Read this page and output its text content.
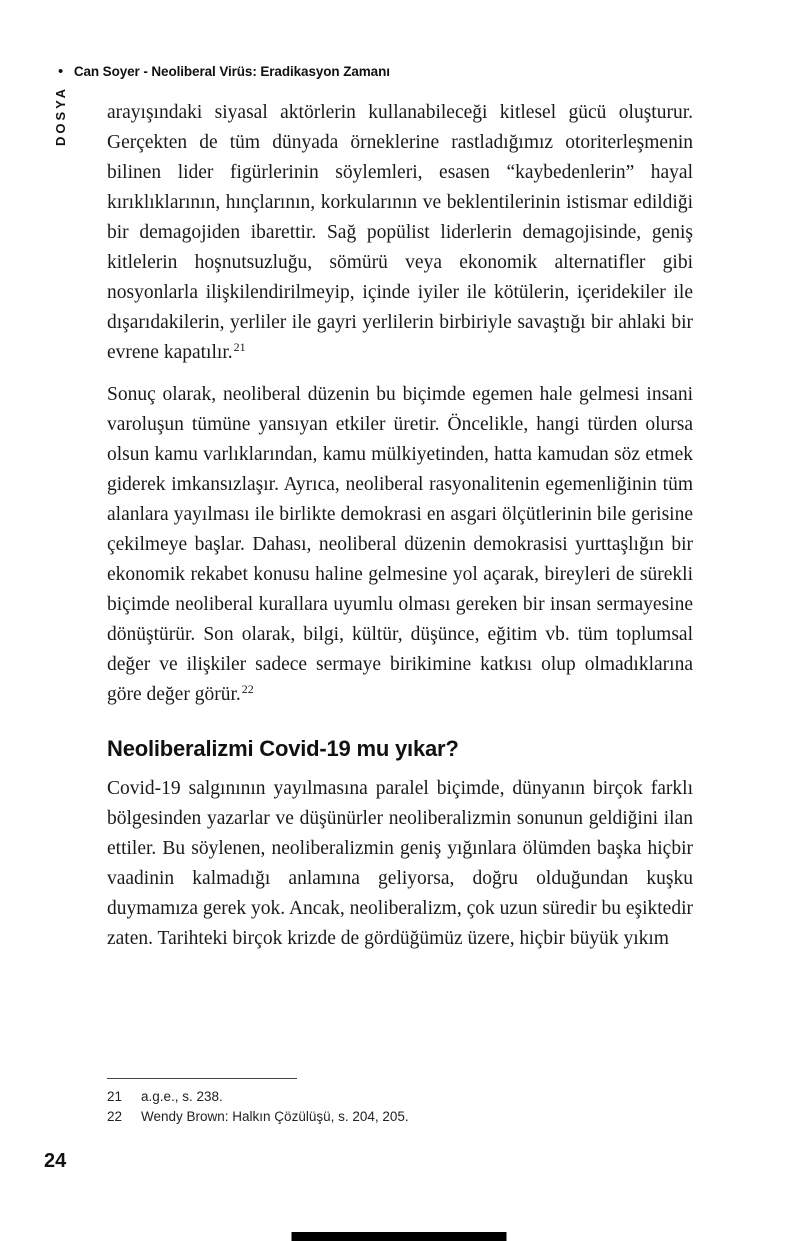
• Can Soyer - Neoliberal Virüs: Eradikasyon Zamanı
DOSYA arayışındaki siyasal aktörlerin kullanabileceği kitlesel gücü oluşturur. Gerçekten de tüm dünyada örneklerine rastladığımız otoriterleşmenin bilinen lider figürlerinin söylemleri, esasen “kaybedenlerin” hayal kırıklıklarının, hınçlarının, korkularının ve beklentilerinin istismar edildiği bir demagojiden ibarettir. Sağ popülist liderlerin demagojisinde, geniş kitlelerin hoşnutsuzluğu, sömürü veya ekonomik alternatifler gibi nosyonlarla ilişkilendirilmeyip, içinde iyiler ile kötülerin, içeridekiler ile dışarıdakilerin, yerliler ile gayri yerlilerin birbiriyle savaştığı bir ahlaki bir evrene kapatılır.$^{21}$

Sonuç olarak, neoliberal düzenin bu biçimde egemen hale gelmesi insani varoluşun tümüne yansıyan etkiler üretir. Öncelikle, hangi türden olursa olsun kamu varlıklarından, kamu mülkiyetinden, hatta kamudan söz etmek giderek imkansızlaşır. Ayrıca, neoliberal rasyonalitenin egemenliğinin tüm alanlara yayılması ile birlikte demokrasi en asgari ölçütlerinin bile gerisine çekilmeye başlar. Dahası, neoliberal düzenin demokrasisi yurttaşlığın bir ekonomik rekabet konusu haline gelmesine yol açarak, bireyleri de sürekli biçimde neoliberal kurallara uyumlu olması gereken bir insan sermayesine dönüştürür. Son olarak, bilgi, kültür, düşünce, eğitim vb. tüm toplumsal değer ve ilişkiler sadece sermaye birikimine katkısı olup olmadıklarına göre değer görür.$^{22}$

Neoliberalizmi Covid-19 mu yıkar?

Covid-19 salgınının yayılmasına paralel biçimde, dünyanın birçok farklı bölgesinden yazarlar ve düşünürler neoliberalizmin sonunun geldiğini ilan ettiler. Bu söylenen, neoliberalizmin geniş yığınlara ölümden başka hiçbir vaadinin kalmadığı anlamına geliyorsa, doğru olduğundan kuşku duymamıza gerek yok. Ancak, neoliberalizm, çok uzun süredir bu eşiktedir zaten. Tarihteki birçok krizde de gördüğümüz üzere, hiçbir büyük yıkım

21	a.g.e., s. 238.
22	Wendy Brown: Halkın Çözülüşü, s. 204, 205.
24
